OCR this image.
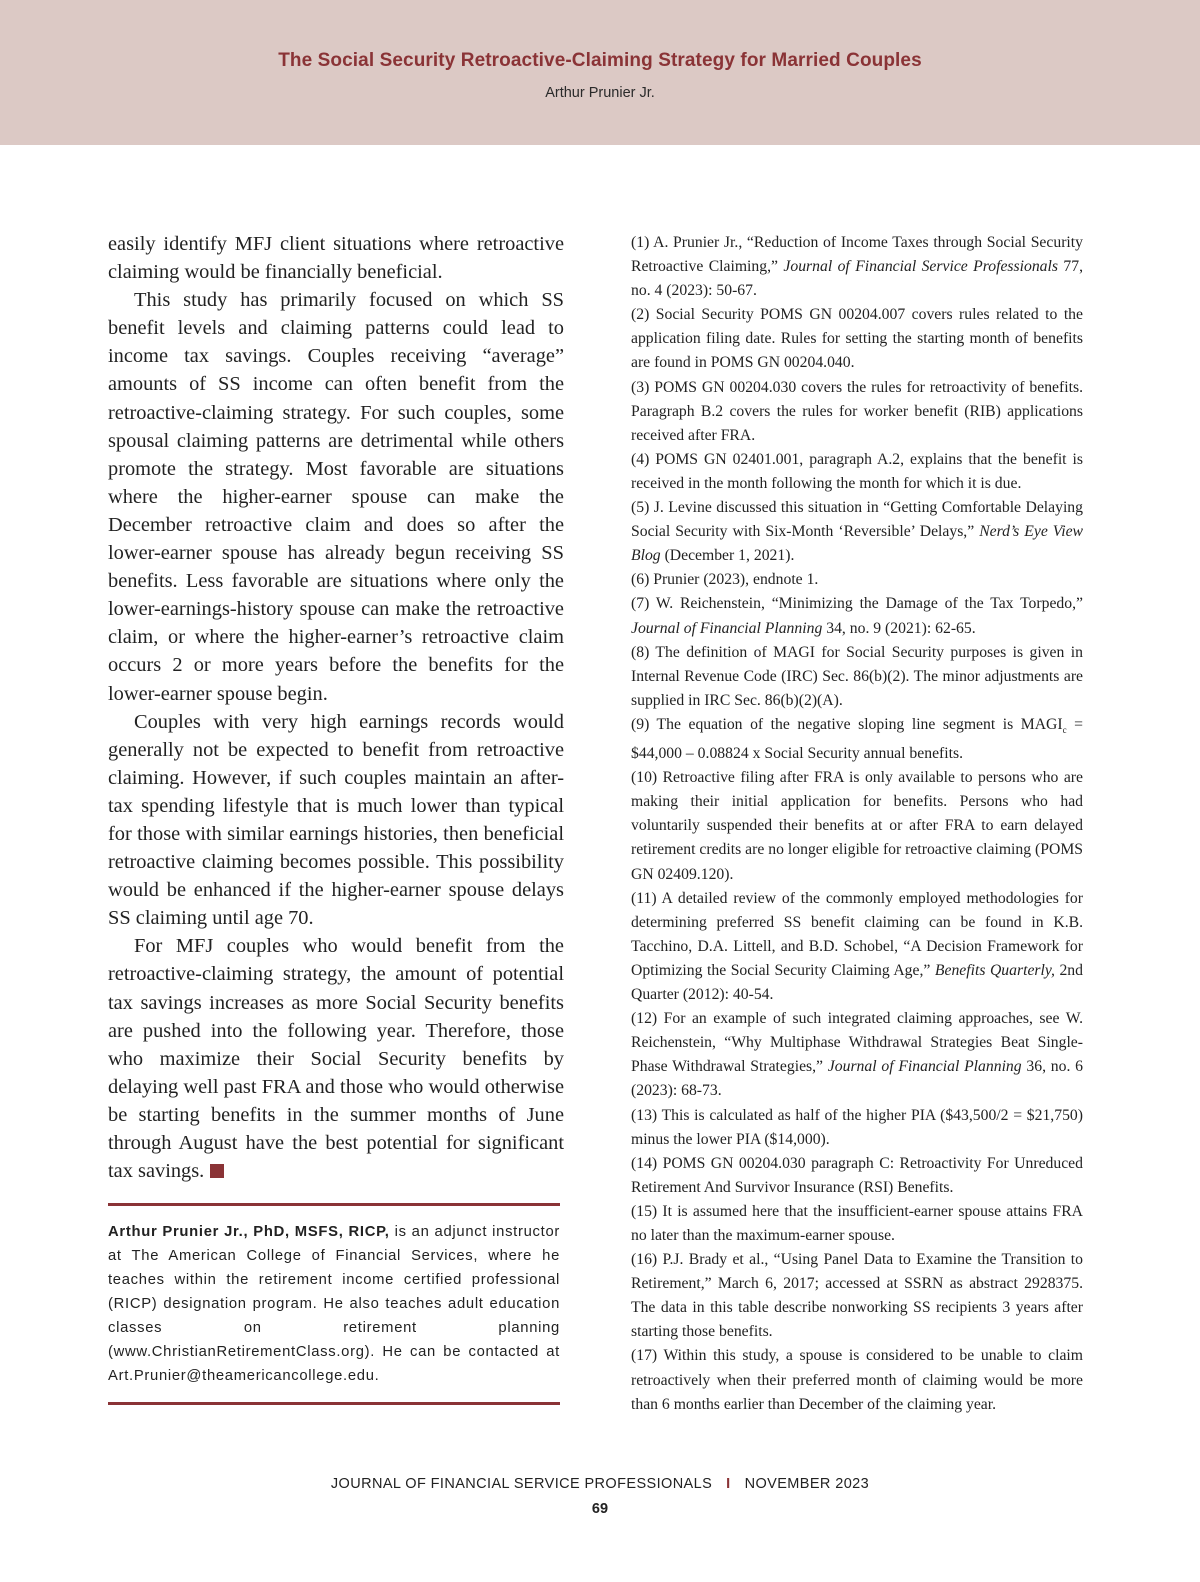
The Social Security Retroactive-Claiming Strategy for Married Couples
Arthur Prunier Jr.

easily identify MFJ client situations where retroactive claiming would be financially beneficial.

This study has primarily focused on which SS benefit levels and claiming patterns could lead to income tax savings. Couples receiving “average” amounts of SS income can often benefit from the retroactive-claiming strategy. For such couples, some spousal claiming patterns are detrimental while others promote the strategy. Most favorable are situations where the higher-earner spouse can make the December retroactive claim and does so after the lower-earner spouse has already begun receiving SS benefits. Less favorable are situations where only the lower-earnings-history spouse can make the retroactive claim, or where the higher-earner’s retroactive claim occurs 2 or more years before the benefits for the lower-earner spouse begin.

Couples with very high earnings records would generally not be expected to benefit from retroactive claiming. However, if such couples maintain an after-tax spending lifestyle that is much lower than typical for those with similar earnings histories, then beneficial retroactive claiming becomes possible. This possibility would be enhanced if the higher-earner spouse delays SS claiming until age 70.

For MFJ couples who would benefit from the retroactive-claiming strategy, the amount of potential tax savings increases as more Social Security benefits are pushed into the following year. Therefore, those who maximize their Social Security benefits by delaying well past FRA and those who would otherwise be starting benefits in the summer months of June through August have the best potential for significant tax savings.

Arthur Prunier Jr., PhD, MSFS, RICP, is an adjunct instructor at The American College of Financial Services, where he teaches within the retirement income certified professional (RICP) designation program. He also teaches adult education classes on retirement planning (www.ChristianRetirementClass.org). He can be contacted at Art.Prunier@theamericancollege.edu.

(1) A. Prunier Jr., “Reduction of Income Taxes through Social Security Retroactive Claiming,” Journal of Financial Service Professionals 77, no. 4 (2023): 50-67.

(2) Social Security POMS GN 00204.007 covers rules related to the application filing date. Rules for setting the starting month of benefits are found in POMS GN 00204.040.

(3) POMS GN 00204.030 covers the rules for retroactivity of benefits. Paragraph B.2 covers the rules for worker benefit (RIB) applications received after FRA.

(4) POMS GN 02401.001, paragraph A.2, explains that the benefit is received in the month following the month for which it is due.

(5) J. Levine discussed this situation in “Getting Comfortable Delaying Social Security with Six-Month ‘Reversible’ Delays,” Nerd’s Eye View Blog (December 1, 2021).

(6) Prunier (2023), endnote 1.

(7) W. Reichenstein, “Minimizing the Damage of the Tax Torpedo,” Journal of Financial Planning 34, no. 9 (2021): 62-65.

(8) The definition of MAGI for Social Security purposes is given in Internal Revenue Code (IRC) Sec. 86(b)(2). The minor adjustments are supplied in IRC Sec. 86(b)(2)(A).

(9) The equation of the negative sloping line segment is $MAGI_c$ = $44,000 – 0.08824 x Social Security annual benefits.

(10) Retroactive filing after FRA is only available to persons who are making their initial application for benefits. Persons who had voluntarily suspended their benefits at or after FRA to earn delayed retirement credits are no longer eligible for retroactive claiming (POMS GN 02409.120).

(11) A detailed review of the commonly employed methodologies for determining preferred SS benefit claiming can be found in K.B. Tacchino, D.A. Littell, and B.D. Schobel, “A Decision Framework for Optimizing the Social Security Claiming Age,” Benefits Quarterly, 2nd Quarter (2012): 40-54.

(12) For an example of such integrated claiming approaches, see W. Reichenstein, “Why Multiphase Withdrawal Strategies Beat Single-Phase Withdrawal Strategies,” Journal of Financial Planning 36, no. 6 (2023): 68-73.

(13) This is calculated as half of the higher PIA ($43,500/2 = $21,750) minus the lower PIA ($14,000).

(14) POMS GN 00204.030 paragraph C: Retroactivity For Unreduced Retirement And Survivor Insurance (RSI) Benefits.

(15) It is assumed here that the insufficient-earner spouse attains FRA no later than the maximum-earner spouse.

(16) P.J. Brady et al., “Using Panel Data to Examine the Transition to Retirement,” March 6, 2017; accessed at SSRN as abstract 2928375. The data in this table describe nonworking SS recipients 3 years after starting those benefits.

(17) Within this study, a spouse is considered to be unable to claim retroactively when their preferred month of claiming would be more than 6 months earlier than December of the claiming year.

JOURNAL OF FINANCIAL SERVICE PROFESSIONALS I NOVEMBER 2023
69
